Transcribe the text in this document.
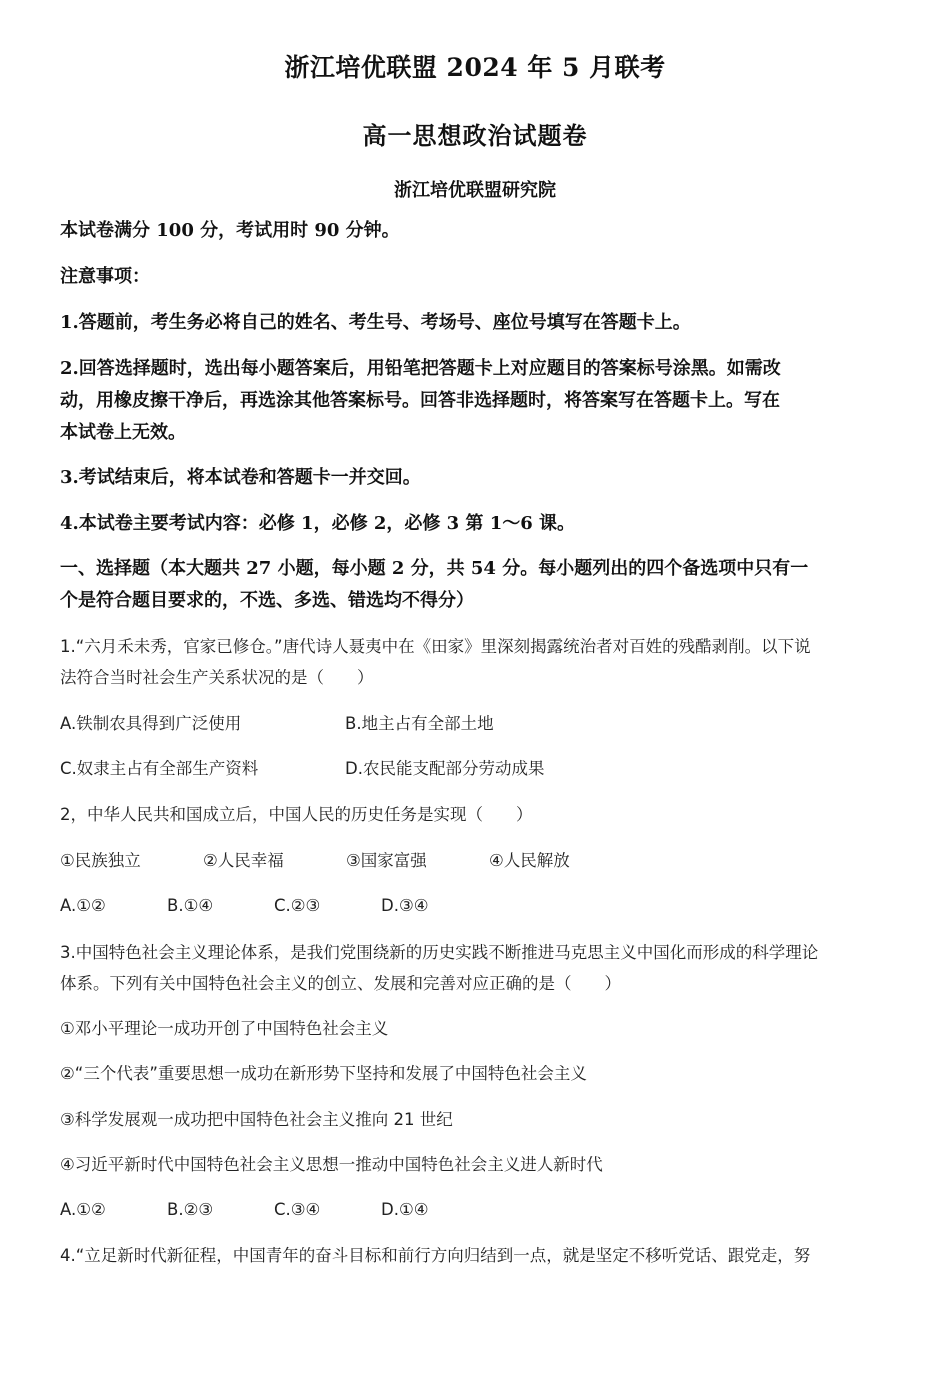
浙江培优联盟 2024 年 5 月联考
高一思想政治试题卷
浙江培优联盟研究院
本试卷满分 100 分，考试用时 90 分钟。
注意事项：
1.答题前，考生务必将自己的姓名、考生号、考场号、座位号填写在答题卡上。
2.回答选择题时，选出每小题答案后，用铅笔把答题卡上对应题目的答案标号涂黑。如需改
动，用橡皮擦干净后，再选涂其他答案标号。回答非选择题时，将答案写在答题卡上。写在
本试卷上无效。
3.考试结束后，将本试卷和答题卡一并交回。
4.本试卷主要考试内容：必修 1，必修 2，必修 3 第 1～6 课。
一、选择题（本大题共 27 小题，每小题 2 分，共 54 分。每小题列出的四个备选项中只有一
个是符合题目要求的，不选、多选、错选均不得分）
1.“六月禾未秀，官家已修仓。”唐代诗人聂夷中在《田家》里深刻揭露统治者对百姓的残酷剥削。以下说
法符合当时社会生产关系状况的是（　　）
A.铁制农具得到广泛使用	B.地主占有全部土地
C.奴隶主占有全部生产资料	D.农民能支配部分劳动成果
2，中华人民共和国成立后，中国人民的历史任务是实现（　　）
①民族独立	②人民幸福	③国家富强	④人民解放
A.①②	B.①④	C.②③	D.③④
3.中国特色社会主义理论体系，是我们党围绕新的历史实践不断推进马克思主义中国化而形成的科学理论
体系。下列有关中国特色社会主义的创立、发展和完善对应正确的是（　　）
①邓小平理论一成功开创了中国特色社会主义
②“三个代表”重要思想一成功在新形势下坚持和发展了中国特色社会主义
③科学发展观一成功把中国特色社会主义推向 21 世纪
④习近平新时代中国特色社会主义思想一推动中国特色社会主义进人新时代
A.①②	B.②③	C.③④	D.①④
4.“立足新时代新征程，中国青年的奋斗目标和前行方向归结到一点，就是坚定不移听党话、跟党走，努
